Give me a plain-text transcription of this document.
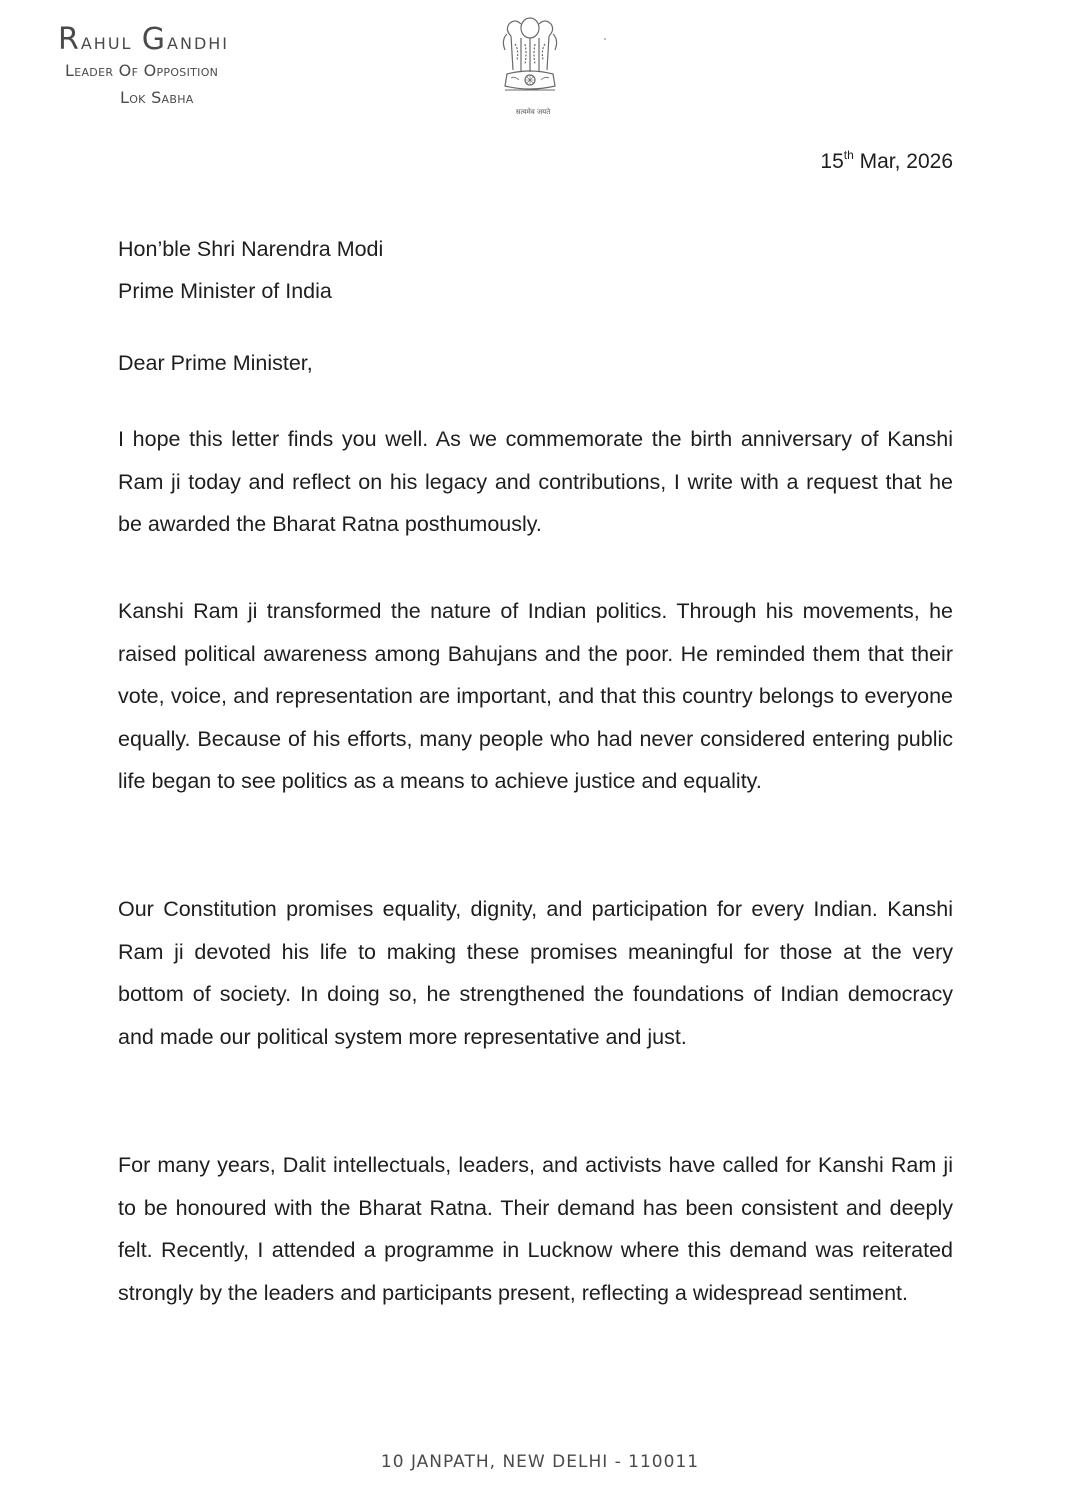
Rahul Gandhi
Leader Of Opposition
Lok Sabha
सत्यमेव जयते
15th Mar, 2026
Hon’ble Shri Narendra Modi
Prime Minister of India
Dear Prime Minister,

I hope this letter finds you well. As we commemorate the birth anniversary of Kanshi Ram ji today and reflect on his legacy and contributions, I write with a request that he be awarded the Bharat Ratna posthumously.

Kanshi Ram ji transformed the nature of Indian politics. Through his movements, he raised political awareness among Bahujans and the poor. He reminded them that their vote, voice, and representation are important, and that this country belongs to everyone equally. Because of his efforts, many people who had never considered entering public life began to see politics as a means to achieve justice and equality.

Our Constitution promises equality, dignity, and participation for every Indian. Kanshi Ram ji devoted his life to making these promises meaningful for those at the very bottom of society. In doing so, he strengthened the foundations of Indian democracy and made our political system more representative and just.

For many years, Dalit intellectuals, leaders, and activists have called for Kanshi Ram ji to be honoured with the Bharat Ratna. Their demand has been consistent and deeply felt. Recently, I attended a programme in Lucknow where this demand was reiterated strongly by the leaders and participants present, reflecting a widespread sentiment.

10 JANPATH, NEW DELHI - 110011
